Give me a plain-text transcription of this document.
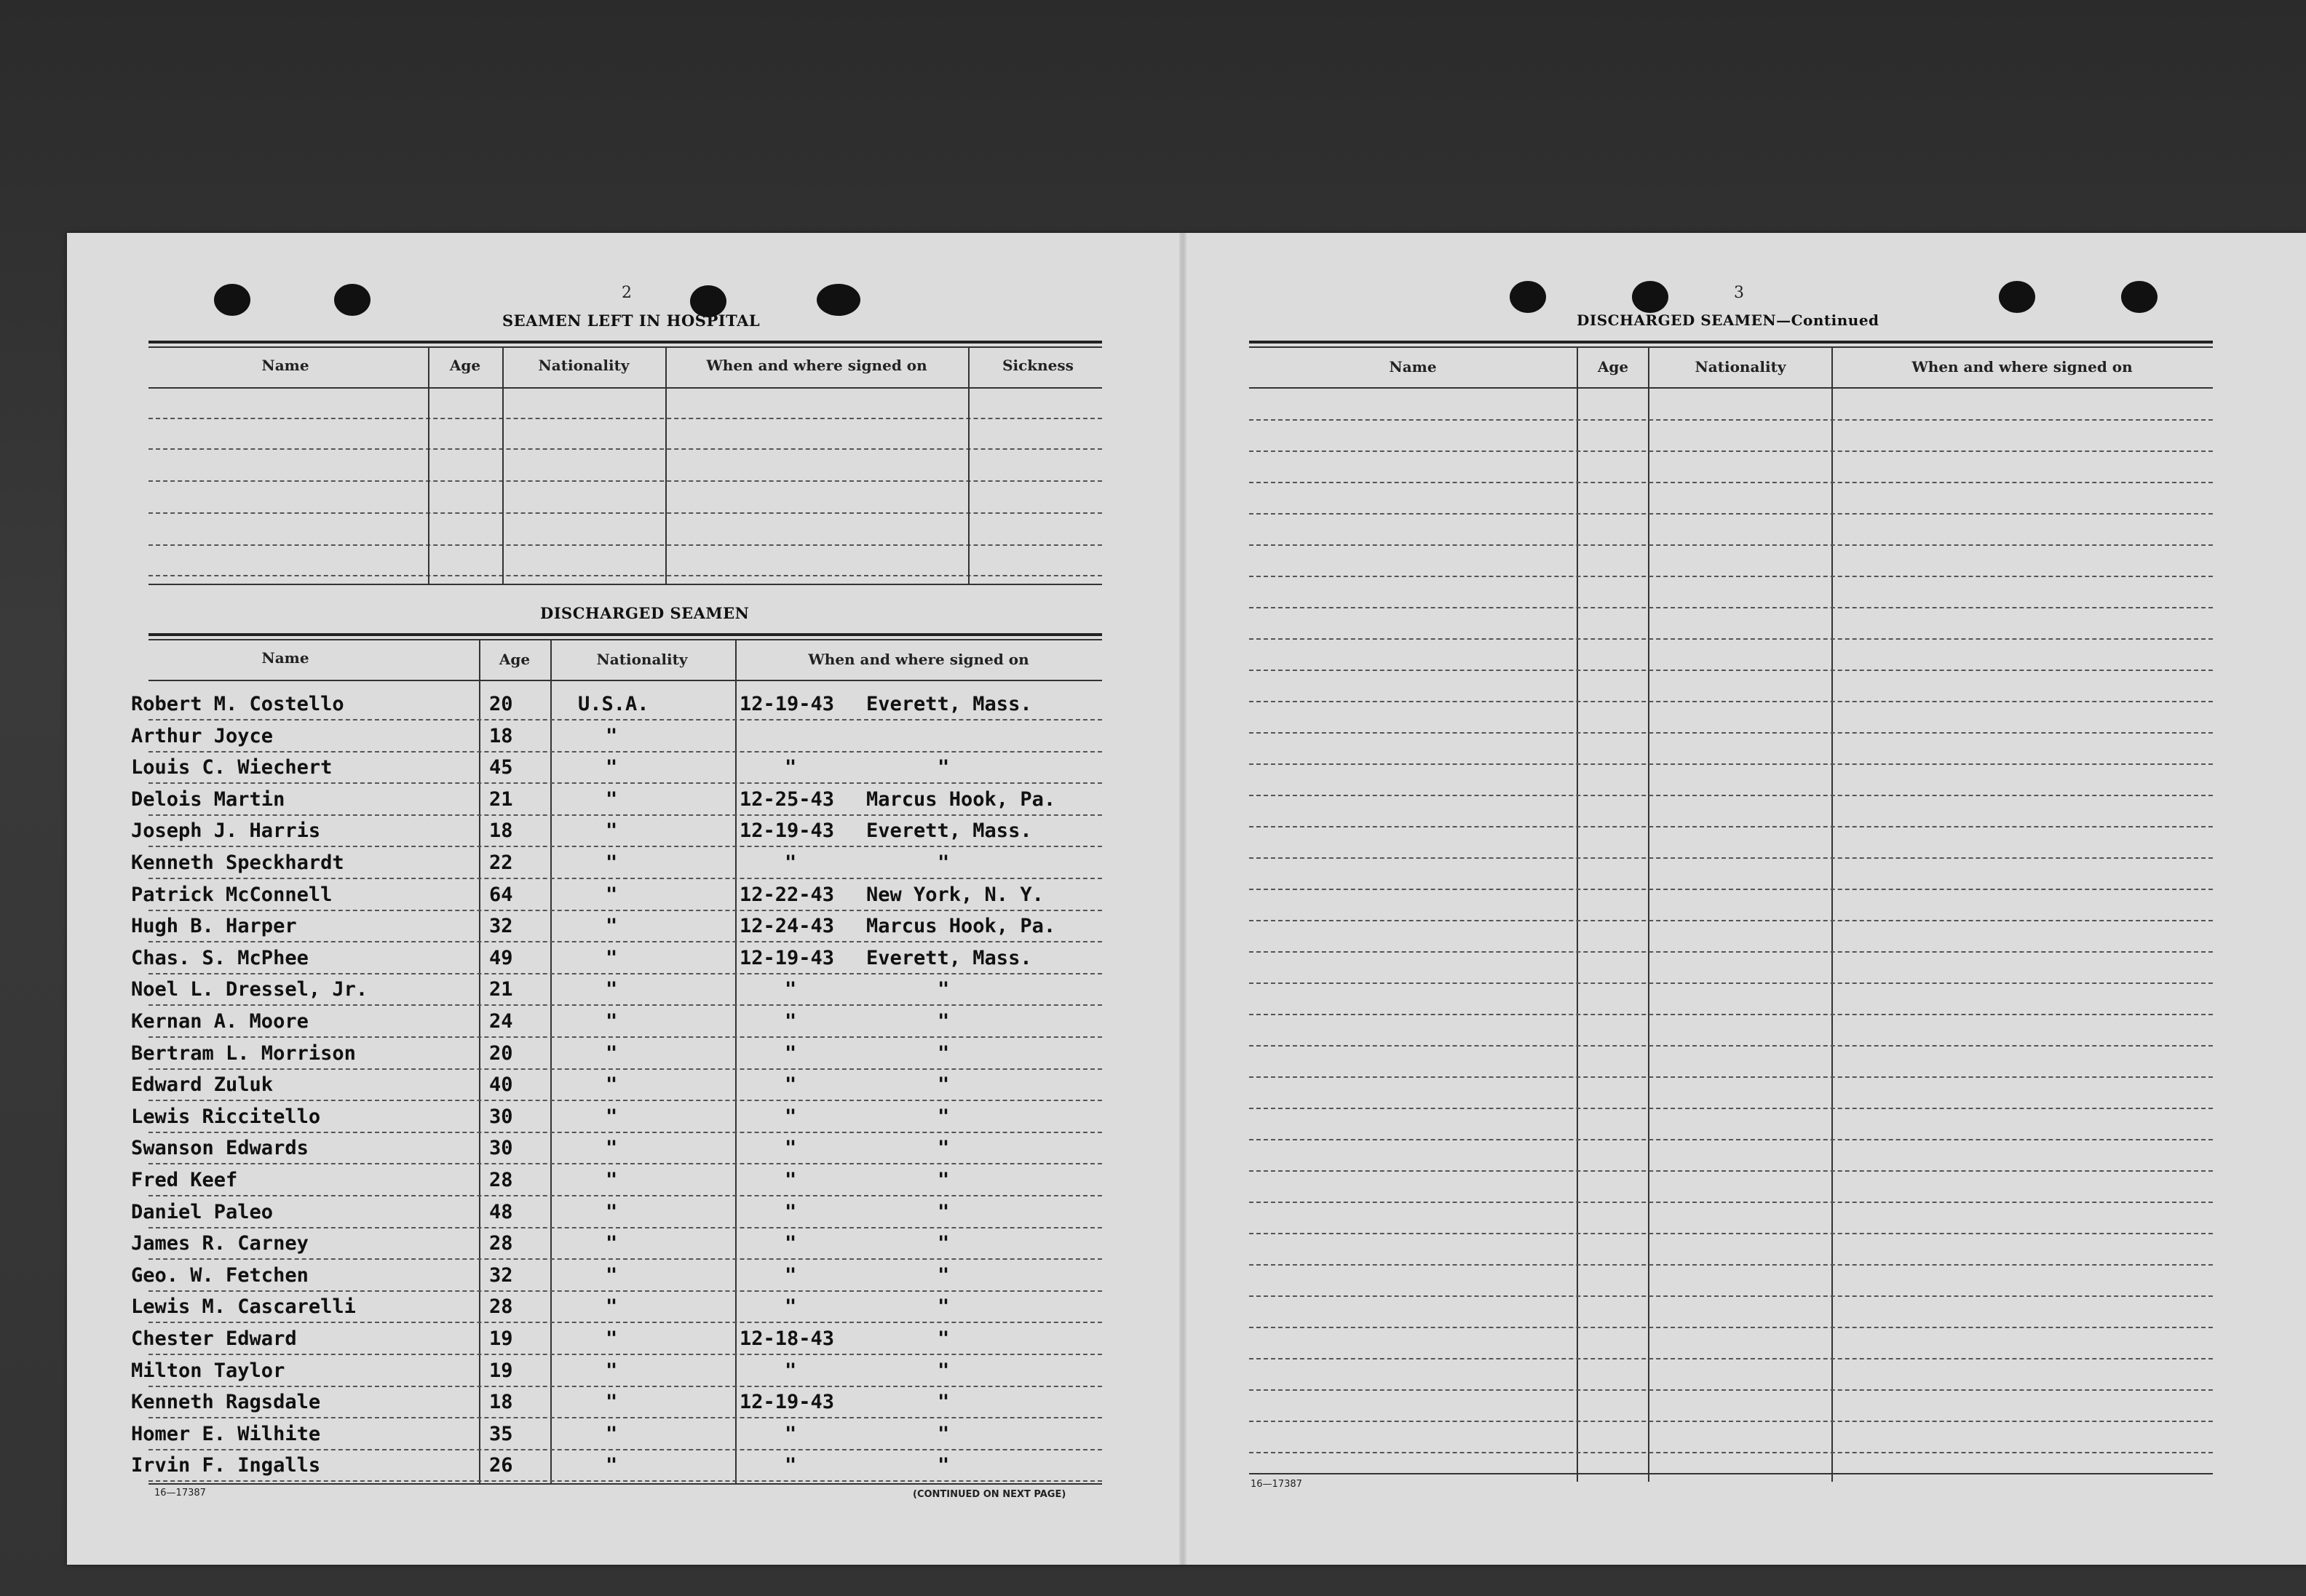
2
SEAMEN LEFT IN HOSPITAL
Name	Age	Nationality	When and where signed on	Sickness
DISCHARGED SEAMEN
Name	Age	Nationality	When and where signed on
Robert M. Costello	20	U.S.A.	12-19-43 Everett, Mass.
Arthur Joyce	18	"
Louis C. Wiechert	45	"	"	"
Delois Martin	21	"	12-25-43 Marcus Hook, Pa.
Joseph J. Harris	18	"	12-19-43 Everett, Mass.
Kenneth Speckhardt	22	"	"	"
Patrick McConnell	64	"	12-22-43 New York, N. Y.
Hugh B. Harper	32	"	12-24-43 Marcus Hook, Pa.
Chas. S. McPhee	49	"	12-19-43 Everett, Mass.
Noel L. Dressel, Jr.	21	"	"	"
Kernan A. Moore	24	"	"	"
Bertram L. Morrison	20	"	"	"
Edward Zuluk	40	"	"	"
Lewis Riccitello	30	"	"	"
Swanson Edwards	30	"	"	"
Fred Keef	28	"	"	"
Daniel Paleo	48	"	"	"
James R. Carney	28	"	"	"
Geo. W. Fetchen	32	"	"	"
Lewis M. Cascarelli	28	"	"	"
Chester Edward	19	"	12-18-43	"
Milton Taylor	19	"	"	"
Kenneth Ragsdale	18	"	12-19-43	"
Homer E. Wilhite	35	"	"	"
Irvin F. Ingalls	26	"	"	"
16—17387	(CONTINUED ON NEXT PAGE)
3
DISCHARGED SEAMEN—Continued
Name	Age	Nationality	When and where signed on
16—17387
